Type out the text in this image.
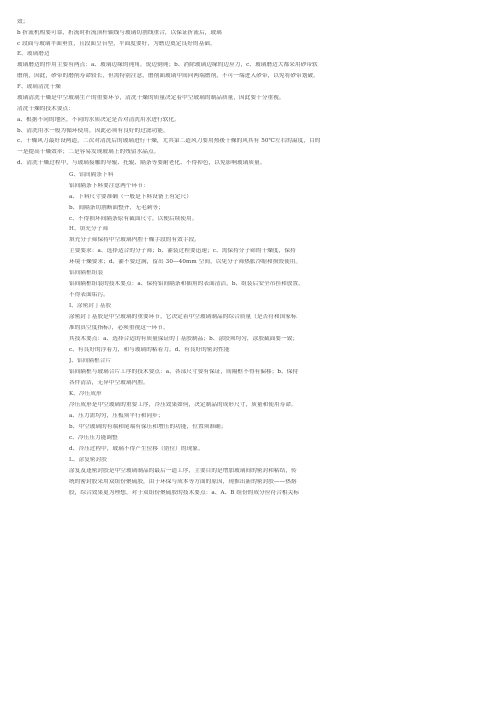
效；
b 折流机构要可靠，折流时折流顶杆轴线与玻璃切割线重合，以保证折流后，玻璃
c 段面与玻璃平面垂直，且段面呈台型，平面度要好，为磨边奠定良好的基础。
E、玻璃磨边
玻璃磨边的作用主要有两点：a、玻璃边缘的钝角，锐边倒钝；b、消除玻璃边缘的边应力，c、玻璃磨边大都采用砂带软
磨削，因此，砂带的磨削寿命较长，但需特别注意，磨削面玻璃中间向两端磨削，不可一端进入砂带，以免将砂带划破。
F、玻璃清洗干燥
玻璃清洗干燥是中空玻璃生产的重要环节，清洗干燥的质量决定着中空玻璃的制品质量，因此要十分重视。
清洗干燥的技术要点：
a、根据不同的地区，不同的水质决定是否对清洗用水进行软化。
b、清洗用水一般为循环使用，因此必须有良好的过滤功能。
c、干燥风刀最好设两道，二次对清洗后的玻璃进行干燥，尤其第二道风刀要用热後干燥的风其有 50℃左右的温度，目的
一是提高干燥效率；二是容易发现玻璃上的残留水晶点。
d、清洗干燥过程中，与玻璃接触的导辊、托辊、隔条等要耐老化、不得掉色，以免影响玻璃质量。
G、铝间隔条下料
铝间隔条下料要注意两个环节：
a、下料尺寸要准确（一般是下料设备上有定尺）
b、间隔条切割断面整齐，无毛刺等；
c、不得损坏间隔条原有截面尺寸，以便后续使用。
H、填充分子筛
填充分子筛保持中空玻璃内腔干燥手段的有效手段。
主要要求：a、选择适合的分子筛；b、灌装过程要迅速；c、需保持分子筛的干燥度，保持
环境干燥要求；d、灌不要过满，留出 30—40mm 空间，以免分子筛热胀冷缩和损毁使用。
铝间隔框组装
铝间隔框组装的技术要点：a、保持铝间隔条和插角的表面清洁，b、组装后安全吊挂和放置，
不得表面垢污。
I、涂密封丁基胶
涂密封丁基胶是中空玻璃的重要环节，它决定着中空玻璃制品的综合质量（是否符和国家标
准的真空度指标），必须重视这一环节。
其技术要点：a、选择合适的有质量保证的丁基胶制品；b、涂胶须均匀，涂胶截面要一致；
c、有良好的浮着力，和与玻璃的粘着力。d、有良好的密封性能
J、铝间隔框合片
铝间隔框与玻璃合片工序的技术要点：a、各部尺寸要有保证，间隔框不得有偏移；b、保持
各件清洁，无异中空玻璃内腔。
K、冷压成形
冷压成形是中空玻璃的重要工序，冷压效果如何，决定制品的成形尺寸，质量和使用寿命。
a、压力需均匀，压板须平行和同步；
b、中空玻璃的有端和尾端有保压和增压的功能，位置须准确；
c、冷压压力能调整
d、冷压过程中，玻璃不得产生位移（错位）的现象。
L、涂复密封胶
涂复及逢密封胶是中空玻璃制品的最后一道工序，主要目的是增加玻璃间的密封和粘结，传
统的密封胶采用双组份聚硫胶，由于环保与成本等方面的原因，现推出新的密封胶——热熔
胶，综合效果更为理想，对于双组份聚硫胶的技术要点：a、A、B 组份的成分应符合相关标
